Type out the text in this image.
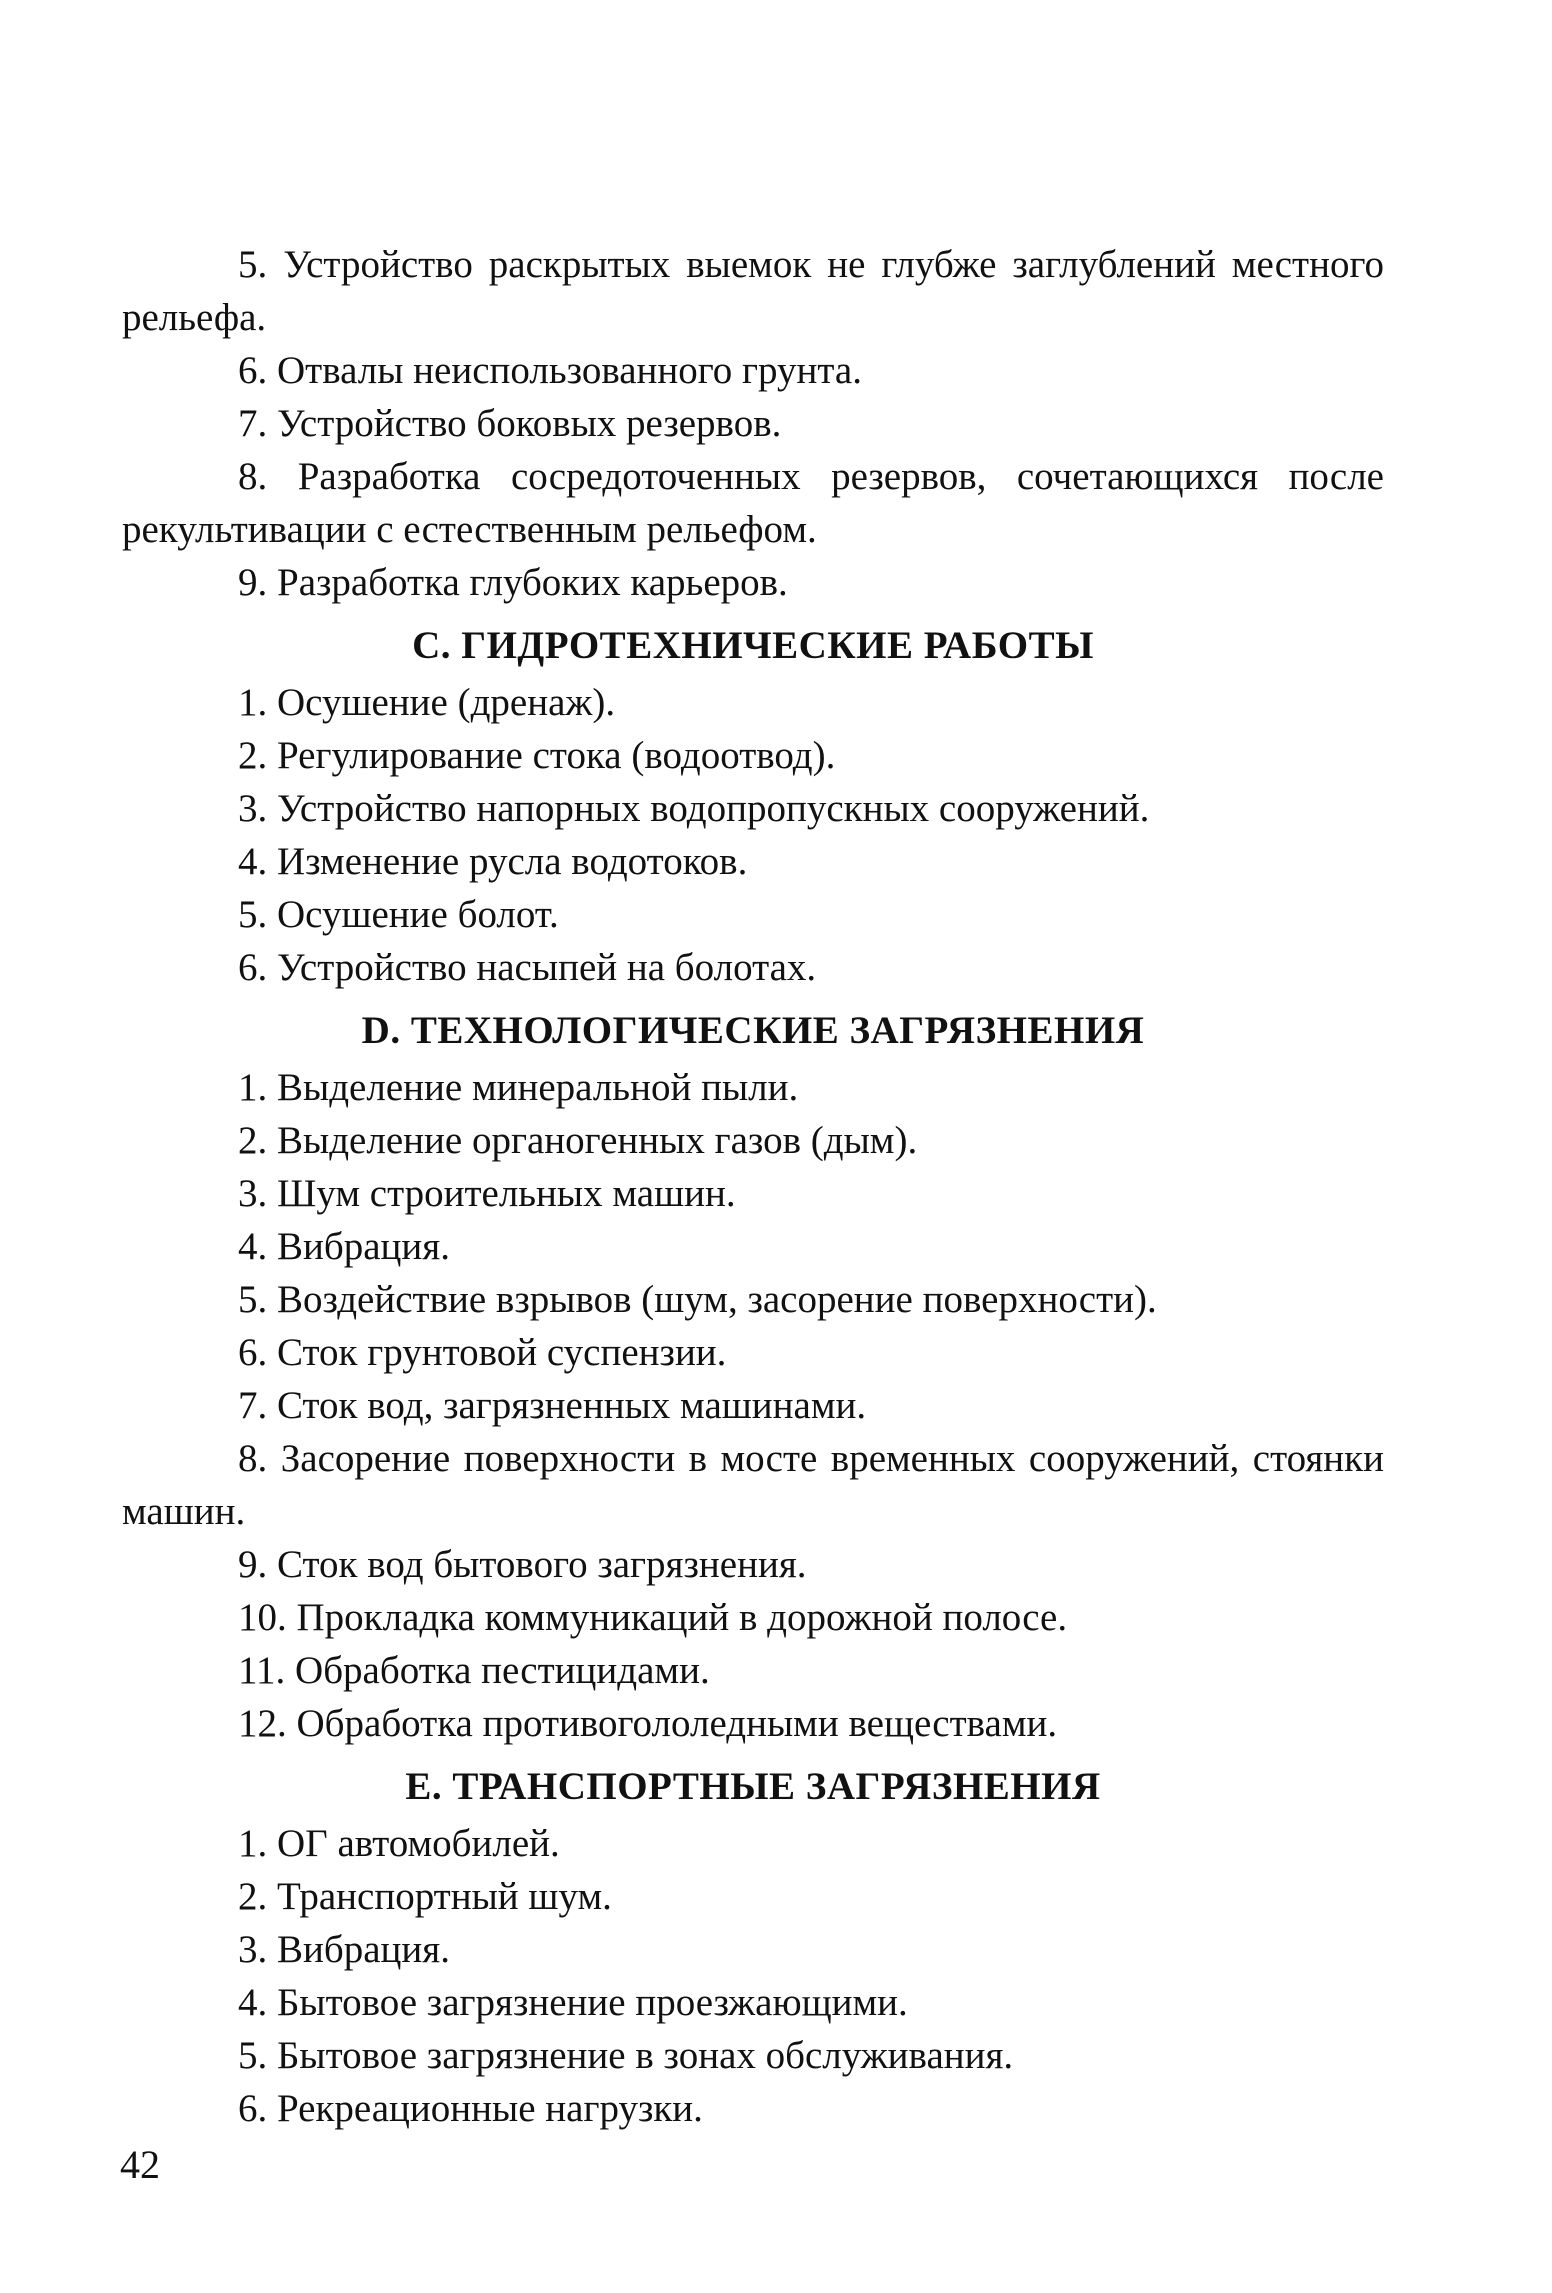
5. Устройство раскрытых выемок не глубже заглублений местного рельефа.

6. Отвалы неиспользованного грунта.

7. Устройство боковых резервов.

8. Разработка сосредоточенных резервов, сочетающихся после рекультивации с естественным рельефом.

9. Разработка глубоких карьеров.

С. ГИДРОТЕХНИЧЕСКИЕ РАБОТЫ

1. Осушение (дренаж).

2. Регулирование стока (водоотвод).

3. Устройство напорных водопропускных сооружений.

4. Изменение русла водотоков.

5. Осушение болот.

6. Устройство насыпей на болотах.

D. ТЕХНОЛОГИЧЕСКИЕ ЗАГРЯЗНЕНИЯ

1. Выделение минеральной пыли.

2. Выделение органогенных газов (дым).

3. Шум строительных машин.

4. Вибрация.

5. Воздействие взрывов (шум, засорение поверхности).

6. Сток грунтовой суспензии.

7. Сток вод, загрязненных машинами.

8. Засорение поверхности в мосте временных сооружений, стоянки машин.

9. Сток вод бытового загрязнения.

10. Прокладка коммуникаций в дорожной полосе.

11. Обработка пестицидами.

12. Обработка противогололедными веществами.

Е. ТРАНСПОРТНЫЕ ЗАГРЯЗНЕНИЯ

1. ОГ автомобилей.

2. Транспортный шум.

3. Вибрация.

4. Бытовое загрязнение проезжающими.

5. Бытовое загрязнение в зонах обслуживания.

6. Рекреационные нагрузки.

42
